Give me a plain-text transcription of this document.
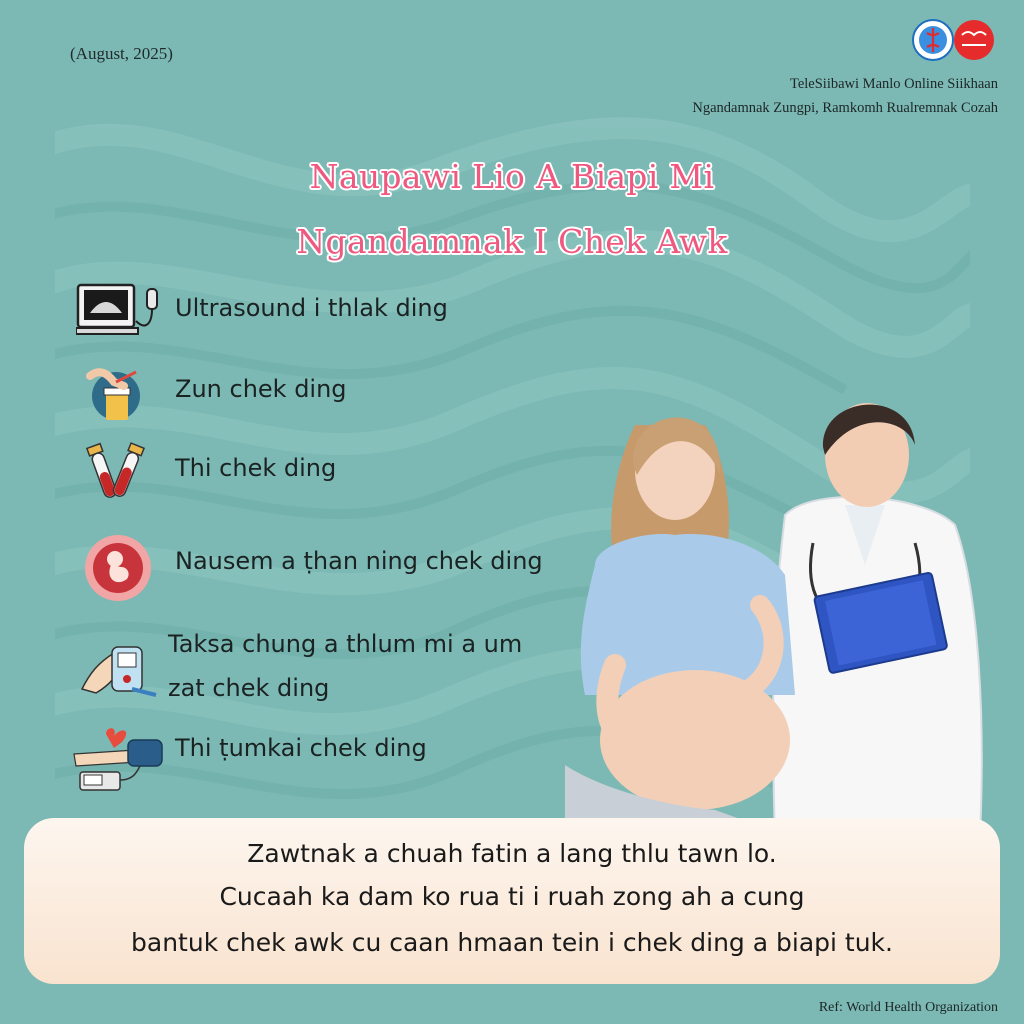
(August, 2025)
TeleSiibawi Manlo Online Siikhaan
Ngandamnak Zungpi, Ramkomh Rualremnak Cozah
Naupawi Lio A Biapi Mi
Ngandamnak I Chek Awk
Ultrasound i thlak ding
Zun chek ding
Thi chek ding
Nausem a ṭhan ning chek ding
Taksa chung a thlum mi a um
zat chek ding
Thi ṭumkai chek ding
Zawtnak a chuah fatin a lang thlu tawn lo.
Cucaah ka dam ko rua ti i ruah zong ah a cung
bantuk chek awk cu caan hmaan tein i chek ding a biapi tuk.
Ref: World Health Organization
